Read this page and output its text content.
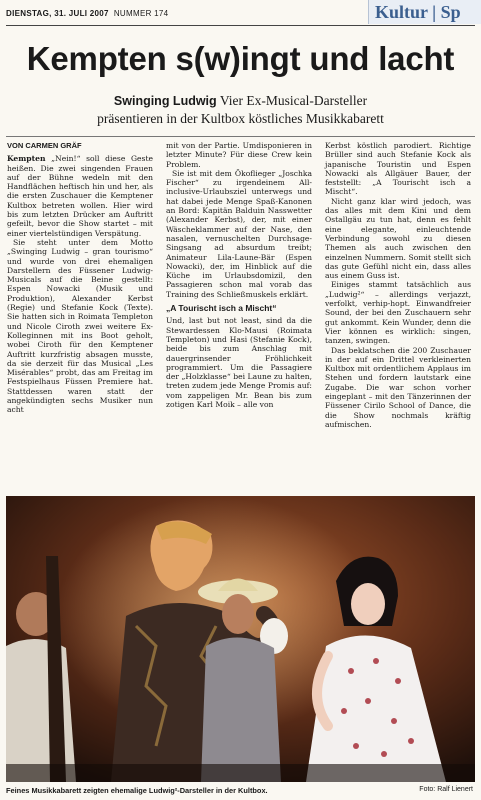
DIENSTAG, 31. JULI 2007 NUMMER 174	Kultur | Sp
Kempten s(w)ingt und lacht
Swinging Ludwig Vier Ex-Musical-Darsteller
präsentieren in der Kultbox köstliches Musikkabarett
VON CARMEN GRÄF

Kempten „Nein!“ soll diese Geste heißen. Die zwei singenden Frauen auf der Bühne wedeln mit den Handflächen heftisch hin und her, als die ersten Zuschauer die Kemptener Kultbox betreten wollen. Hier wird bis zum letzten Drücker am Auftritt gefeilt, bevor die Show startet – mit einer viertelstündigen Verspätung.

Sie steht unter dem Motto „Swinging Ludwig – gran tourismo“ und wurde von drei ehemaligen Darstellern des Füssener Ludwig-Musicals auf die Beine gestellt: Espen Nowacki (Musik und Produktion), Alexander Kerbst (Regie) und Stefanie Kock (Texte). Sie hatten sich in Roimata Templeton und Nicole Ciroth zwei weitere Ex-Kolleginnen mit ins Boot geholt, wobei Ciroth für den Kemptener Auftritt kurzfristig absagen musste, da sie derzeit für das Musical „Les Misérables“ probt, das am Freitag im Festspielhaus Füssen Premiere hat. Stattdessen waren statt der angekündigten sechs Musiker nun acht

mit von der Partie. Umdisponieren in letzter Minute? Für diese Crew kein Problem.

Sie ist mit dem Ökoflieger „Joschka Fischer“ zu irgendeinem All-inclusive-Urlaubsziel unterwegs und hat dabei jede Menge Spaß-Kanonen an Bord: Kapitän Balduin Nasswetter (Alexander Kerbst), der, mit einer Wäscheklammer auf der Nase, den nasalen, vernuschelten Durchsage-Singsang ad absurdum treibt; Animateur Lila-Laune-Bär (Espen Nowacki), der, im Hinblick auf die Küche im Urlaubsdomizil, den Passagieren schon mal vorab das Training des Schließmuskels erklärt.

„A Tourischt isch a Mischt“

Und, last but not least, sind da die Stewardessen Klo-Mausi (Roimata Templeton) und Hasi (Stefanie Kock), beide bis zum Anschlag mit dauergrinsender Fröhlichkeit programmiert. Um die Passagiere der „Holzklasse“ bei Laune zu halten, treten zudem jede Menge Promis auf: vom zappeligen Mr. Bean bis zum zotigen Karl Moik – alle von

Kerbst köstlich parodiert. Richtige Brüller sind auch Stefanie Kock als japanische Touristin und Espen Nowacki als Allgäuer Bauer, der feststellt: „A Tourischt isch a Mischt“.

Nicht ganz klar wird jedoch, was das alles mit dem Kini und dem Ostallgäu zu tun hat, denn es fehlt eine elegante, einleuchtende Verbindung sowohl zu diesen Themen als auch zwischen den einzelnen Nummern. Somit stellt sich das gute Gefühl nicht ein, dass alles aus einem Guss ist.

Einiges stammt tatsächlich aus „Ludwig²“ – allerdings verjazzt, verfolkt, verhip-hopt. Einwandfreier Sound, der bei den Zuschauern sehr gut ankommt. Kein Wunder, denn die Vier können es wirklich: singen, tanzen, swingen.

Das beklatschen die 200 Zuschauer in der auf ein Drittel verkleinerten Kultbox mit ordentlichem Applaus im Stehen und fordern lautstark eine Zugabe. Die war schon vorher eingeplant – mit den Tänzerinnen der Füssener Cirilo School of Dance, die die Show nochmals kräftig aufmischen.

Feines Musikkabarett zeigten ehemalige Ludwig²-Darsteller in der Kultbox.	Foto: Ralf Lienert
